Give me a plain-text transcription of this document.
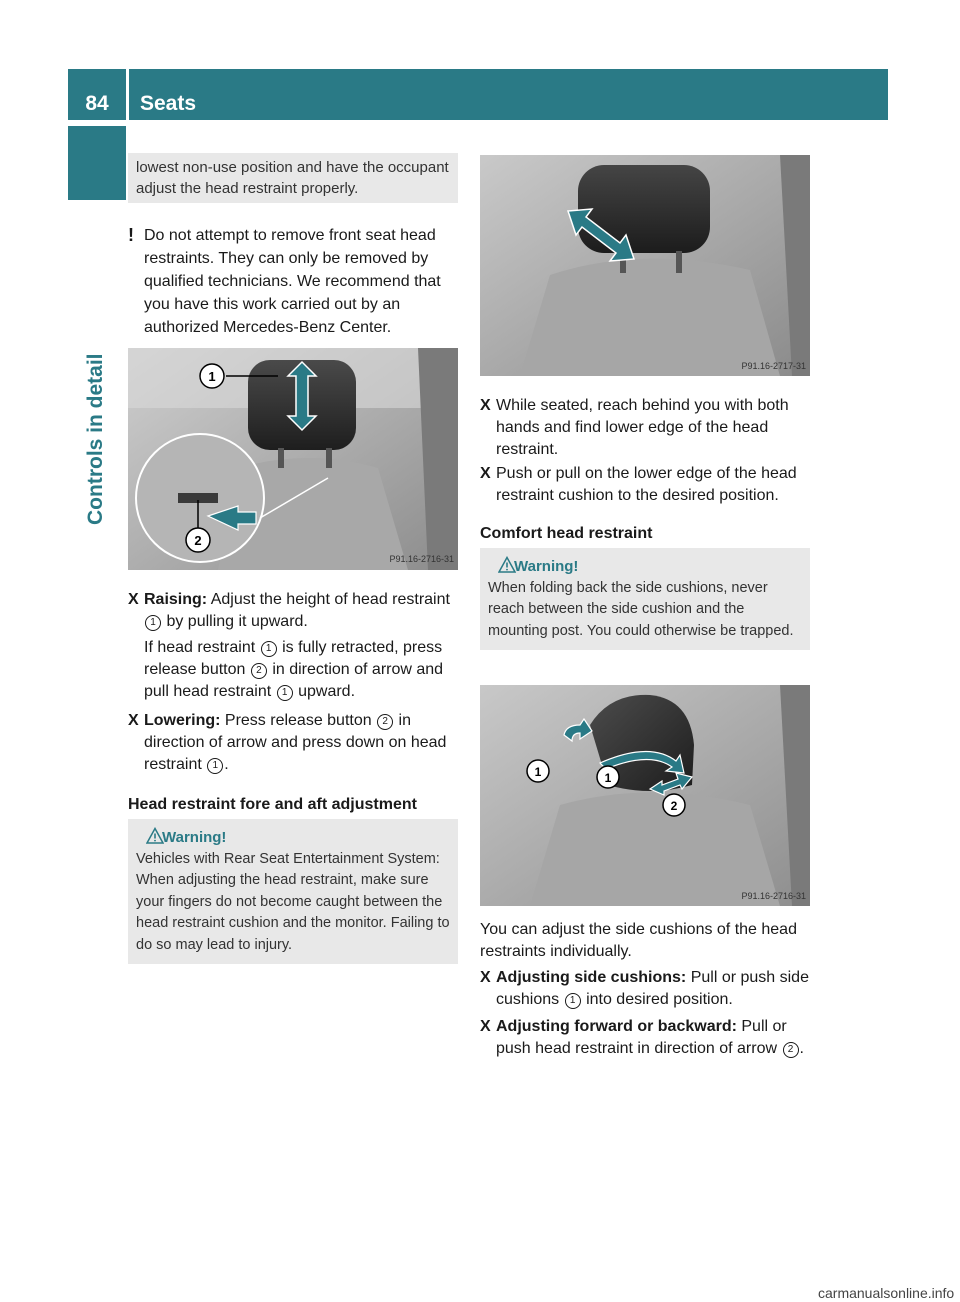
84	Seats
Controls in detail
lowest non-use position and have the occupant adjust the head restraint properly.
! Do not attempt to remove front seat head restraints. They can only be removed by qualified technicians. We recommend that you have this work carried out by an authorized Mercedes-Benz Center.

1
2
P91.16-2716-31
X Raising: Adjust the height of head restraint 1 by pulling it upward.
If head restraint 1 is fully retracted, press release button 2 in direction of arrow and pull head restraint 1 upward.
X Lowering: Press release button 2 in direction of arrow and press down on head restraint 1 .
Head restraint fore and aft adjustment
Warning!
Vehicles with Rear Seat Entertainment System: When adjusting the head restraint, make sure your fingers do not become caught between the head restraint cushion and the monitor. Failing to do so may lead to injury.
P91.16-2717-31
X While seated, reach behind you with both hands and find lower edge of the head restraint.
X Push or pull on the lower edge of the head restraint cushion to the desired position.
Comfort head restraint
Warning!
When folding back the side cushions, never reach between the side cushion and the mounting post. You could otherwise be trapped.
1	1
2
P91.16-2716-31
You can adjust the side cushions of the head restraints individually.
X Adjusting side cushions: Pull or push side cushions 1 into desired position.
X Adjusting forward or backward: Pull or push head restraint in direction of arrow 2 .
carmanualsonline.info
